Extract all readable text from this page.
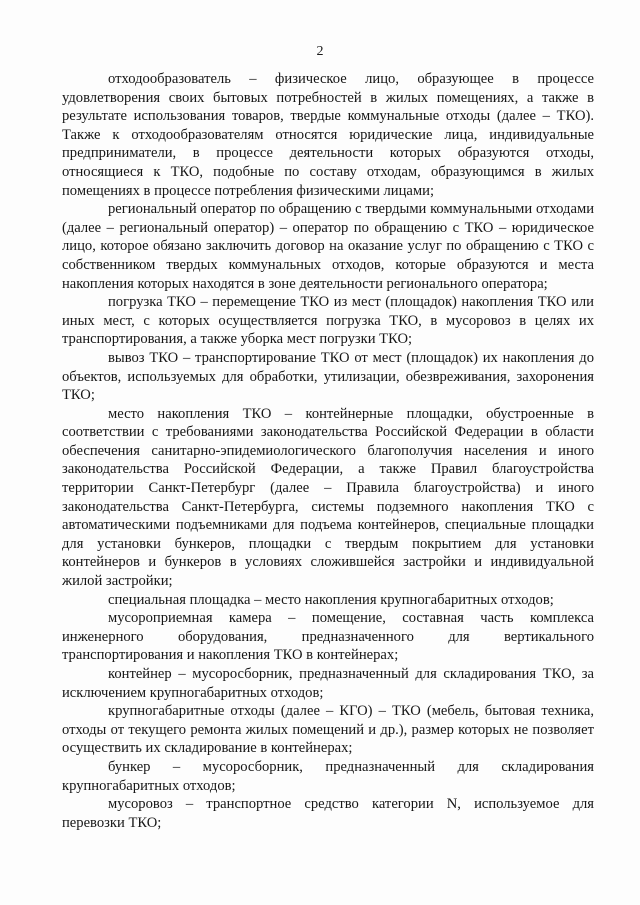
2

отходообразователь – физическое лицо, образующее в процессе удовлетворения своих бытовых потребностей в жилых помещениях, а также в результате использования товаров, твердые коммунальные отходы (далее – ТКО). Также к отходообразователям относятся юридические лица, индивидуальные предприниматели, в процессе деятельности которых образуются отходы, относящиеся к ТКО, подобные по составу отходам, образующимся в жилых помещениях в процессе потребления физическими лицами;

региональный оператор по обращению с твердыми коммунальными отходами (далее – региональный оператор) – оператор по обращению с ТКО – юридическое лицо, которое обязано заключить договор на оказание услуг по обращению с ТКО с собственником твердых коммунальных отходов, которые образуются и места накопления которых находятся в зоне деятельности регионального оператора;

погрузка ТКО – перемещение ТКО из мест (площадок) накопления ТКО или иных мест, с которых осуществляется погрузка ТКО, в мусоровоз в целях их транспортирования, а также уборка мест погрузки ТКО;

вывоз ТКО – транспортирование ТКО от мест (площадок) их накопления до объектов, используемых для обработки, утилизации, обезвреживания, захоронения ТКО;

место накопления ТКО – контейнерные площадки, обустроенные в соответствии с требованиями законодательства Российской Федерации в области обеспечения санитарно-эпидемиологического благополучия населения и иного законодательства Российской Федерации, а также Правил благоустройства территории Санкт-Петербург (далее – Правила благоустройства) и иного законодательства Санкт-Петербурга, системы подземного накопления ТКО с автоматическими подъемниками для подъема контейнеров, специальные площадки для установки бункеров, площадки с твердым покрытием для установки контейнеров и бункеров в условиях сложившейся застройки и индивидуальной жилой застройки;

специальная площадка – место накопления крупногабаритных отходов;

мусороприемная камера – помещение, составная часть комплекса инженерного оборудования, предназначенного для вертикального транспортирования и накопления ТКО в контейнерах;

контейнер – мусоросборник, предназначенный для складирования ТКО, за исключением крупногабаритных отходов;

крупногабаритные отходы (далее – КГО) – ТКО (мебель, бытовая техника, отходы от текущего ремонта жилых помещений и др.), размер которых не позволяет осуществить их складирование в контейнерах;

бункер – мусоросборник, предназначенный для складирования крупногабаритных отходов;

мусоровоз – транспортное средство категории N, используемое для перевозки ТКО;
